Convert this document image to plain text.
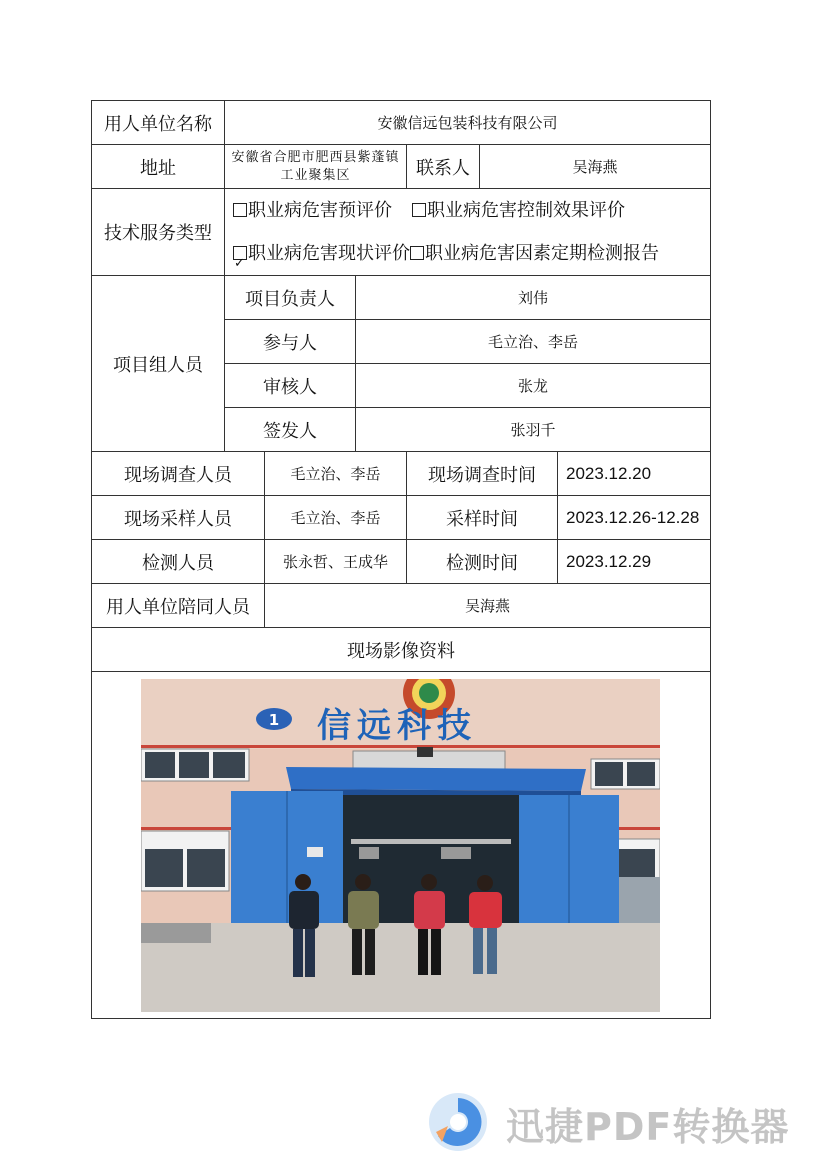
用人单位名称	安徽信远包装科技有限公司					
地址	安徽省合肥市肥西县紫蓬镇工业聚集区			联系人	吴海燕	
技术服务类型	职业病危害预评价 职业病危害控制效果评价
✓职业病危害现状评价 职业病危害因素定期检测报告

项目组人员	项目负责人		刘伟			
	参与人		毛立治、李岳			
	审核人		张龙			
	签发人		张羽千			
现场调查人员		毛立治、李岳		现场调查时间		2023.12.20
现场采样人员		毛立治、李岳		采样时间		2023.12.26-12.28
检测人员		张永哲、王成华		检测时间		2023.12.29
用人单位陪同人员		吴海燕				
现场影像资料						

1 信远科技
迅捷PDF转换器
